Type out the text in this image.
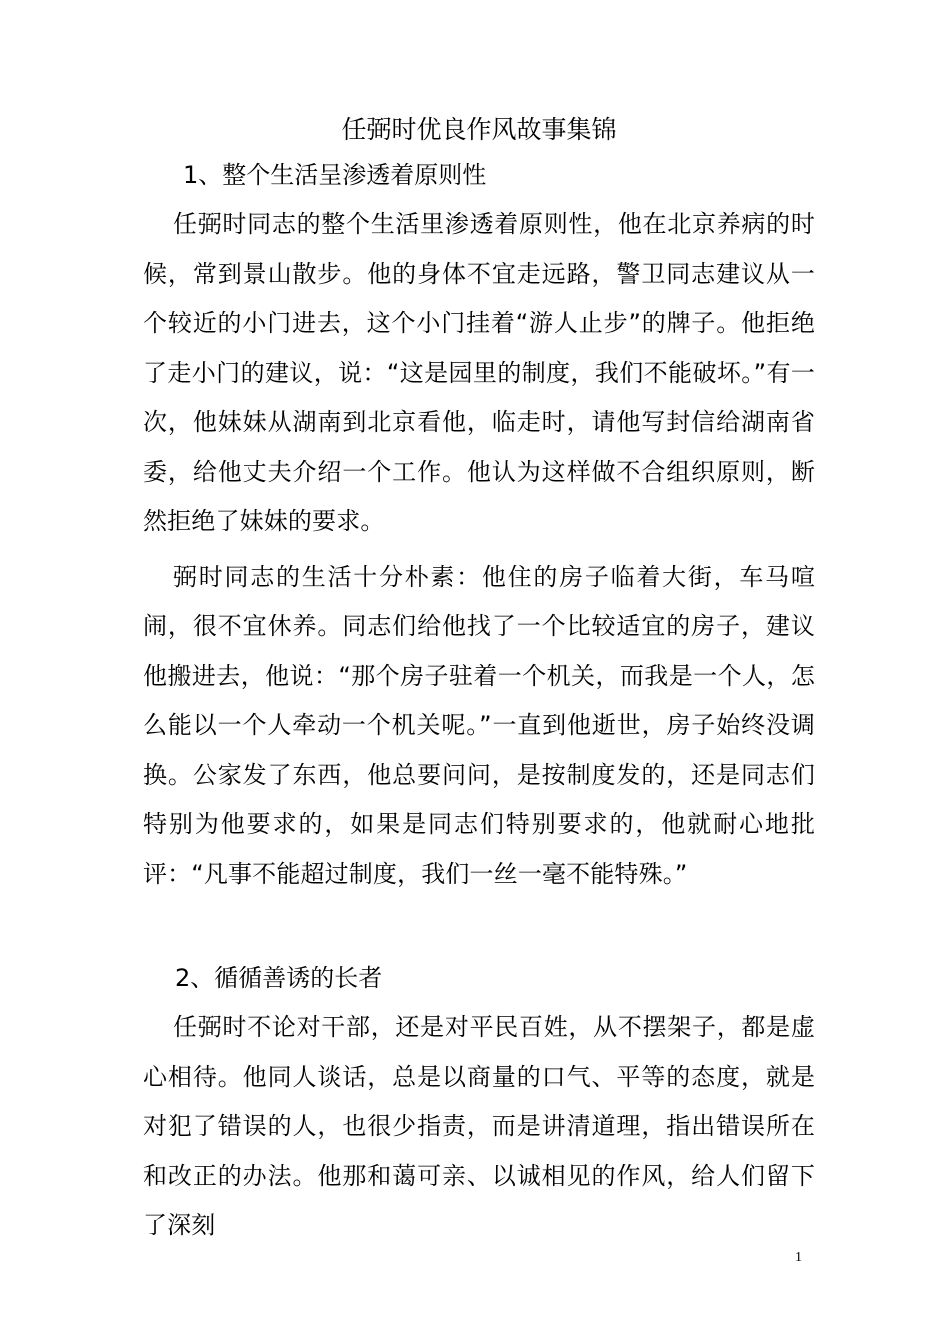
任弼时优良作风故事集锦
1、整个生活呈渗透着原则性

任弼时同志的整个生活里渗透着原则性，他在北京养病的时候，常到景山散步。他的身体不宜走远路，警卫同志建议从一个较近的小门进去，这个小门挂着“游人止步”的牌子。他拒绝了走小门的建议，说：“这是园里的制度，我们不能破坏。”有一次，他妹妹从湖南到北京看他，临走时，请他写封信给湖南省委，给他丈夫介绍一个工作。他认为这样做不合组织原则，断然拒绝了妹妹的要求。

弼时同志的生活十分朴素：他住的房子临着大街，车马喧闹，很不宜休养。同志们给他找了一个比较适宜的房子，建议他搬进去，他说：“那个房子驻着一个机关，而我是一个人，怎么能以一个人牵动一个机关呢。”一直到他逝世，房子始终没调换。公家发了东西，他总要问问，是按制度发的，还是同志们特别为他要求的，如果是同志们特别要求的，他就耐心地批评：“凡事不能超过制度，我们一丝一毫不能特殊。”

2、循循善诱的长者

任弼时不论对干部，还是对平民百姓，从不摆架子，都是虚心相待。他同人谈话，总是以商量的口气、平等的态度，就是对犯了错误的人，也很少指责，而是讲清道理，指出错误所在和改正的办法。他那和蔼可亲、以诚相见的作风，给人们留下了深刻

1
